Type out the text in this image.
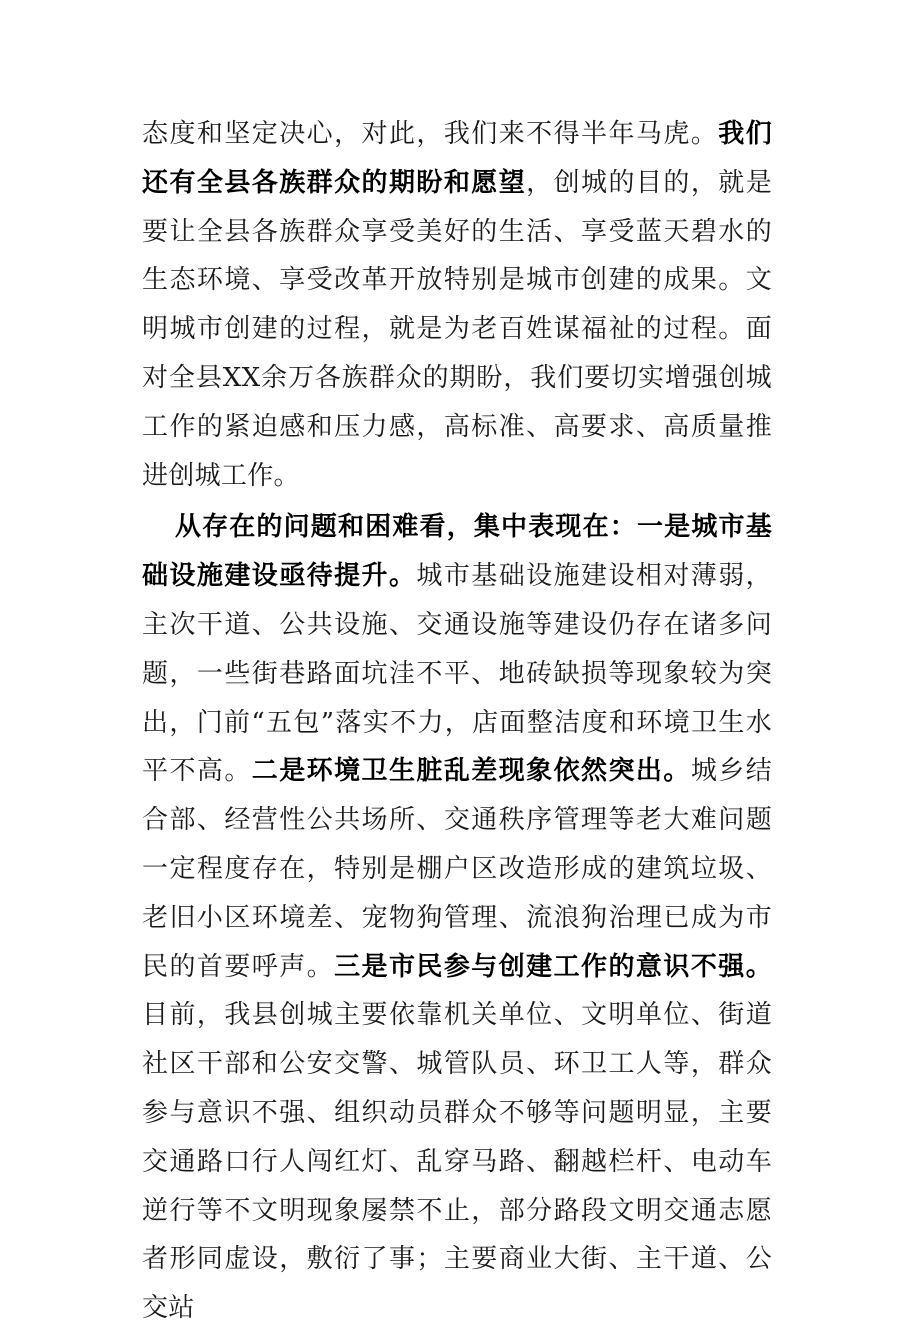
态度和坚定决心，对此，我们来不得半年马虎。我们还有全县各族群众的期盼和愿望，创城的目的，就是要让全县各族群众享受美好的生活、享受蓝天碧水的生态环境、享受改革开放特别是城市创建的成果。文明城市创建的过程，就是为老百姓谋福祉的过程。面对全县XX余万各族群众的期盼，我们要切实增强创城工作的紧迫感和压力感，高标准、高要求、高质量推进创城工作。

从存在的问题和困难看，集中表现在：一是城市基础设施建设亟待提升。城市基础设施建设相对薄弱，主次干道、公共设施、交通设施等建设仍存在诸多问题，一些街巷路面坑洼不平、地砖缺损等现象较为突出，门前“五包”落实不力，店面整洁度和环境卫生水平不高。二是环境卫生脏乱差现象依然突出。城乡结合部、经营性公共场所、交通秩序管理等老大难问题一定程度存在，特别是棚户区改造形成的建筑垃圾、老旧小区环境差、宠物狗管理、流浪狗治理已成为市民的首要呼声。三是市民参与创建工作的意识不强。目前，我县创城主要依靠机关单位、文明单位、街道社区干部和公安交警、城管队员、环卫工人等，群众参与意识不强、组织动员群众不够等问题明显，主要交通路口行人闯红灯、乱穿马路、翻越栏杆、电动车逆行等不文明现象屡禁不止，部分路段文明交通志愿者形同虚设，敷衍了事；主要商业大街、主干道、公交站
